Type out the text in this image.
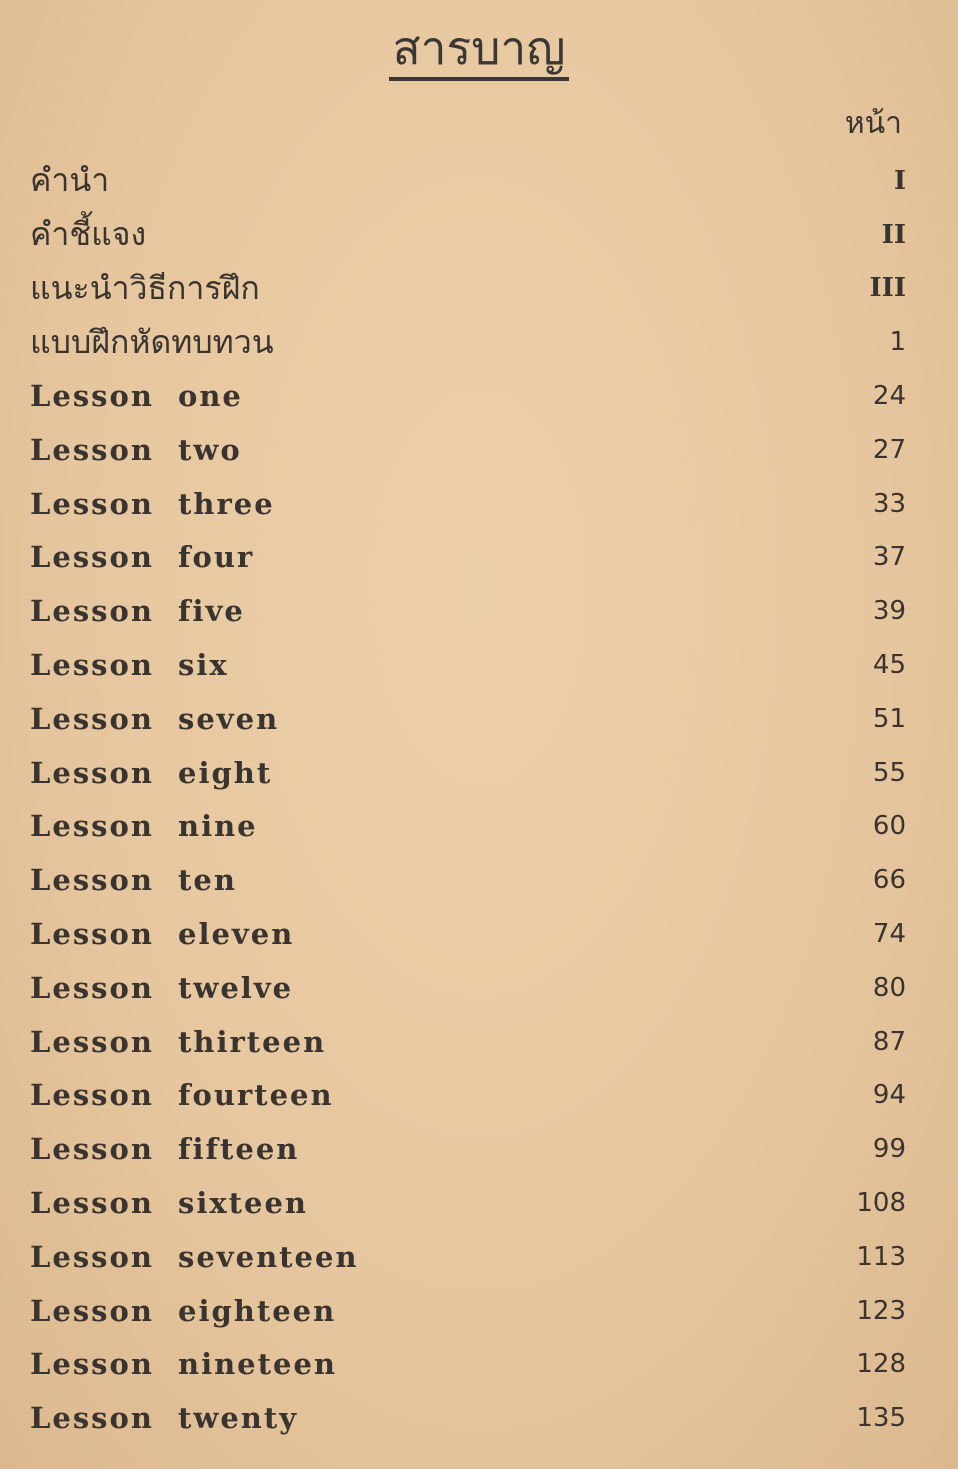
สารบาญ
หน้า
คำนำ	I
คำชี้แจง	II
แนะนำวิธีการฝึก	III
แบบฝึกหัดทบทวน	1
Lesson one	24
Lesson two	27
Lesson three	33
Lesson four	37
Lesson five	39
Lesson six	45
Lesson seven	51
Lesson eight	55
Lesson nine	60
Lesson ten	66
Lesson eleven	74
Lesson twelve	80
Lesson thirteen	87
Lesson fourteen	94
Lesson fifteen	99
Lesson sixteen	108
Lesson seventeen	113
Lesson eighteen	123
Lesson nineteen	128
Lesson twenty	135
